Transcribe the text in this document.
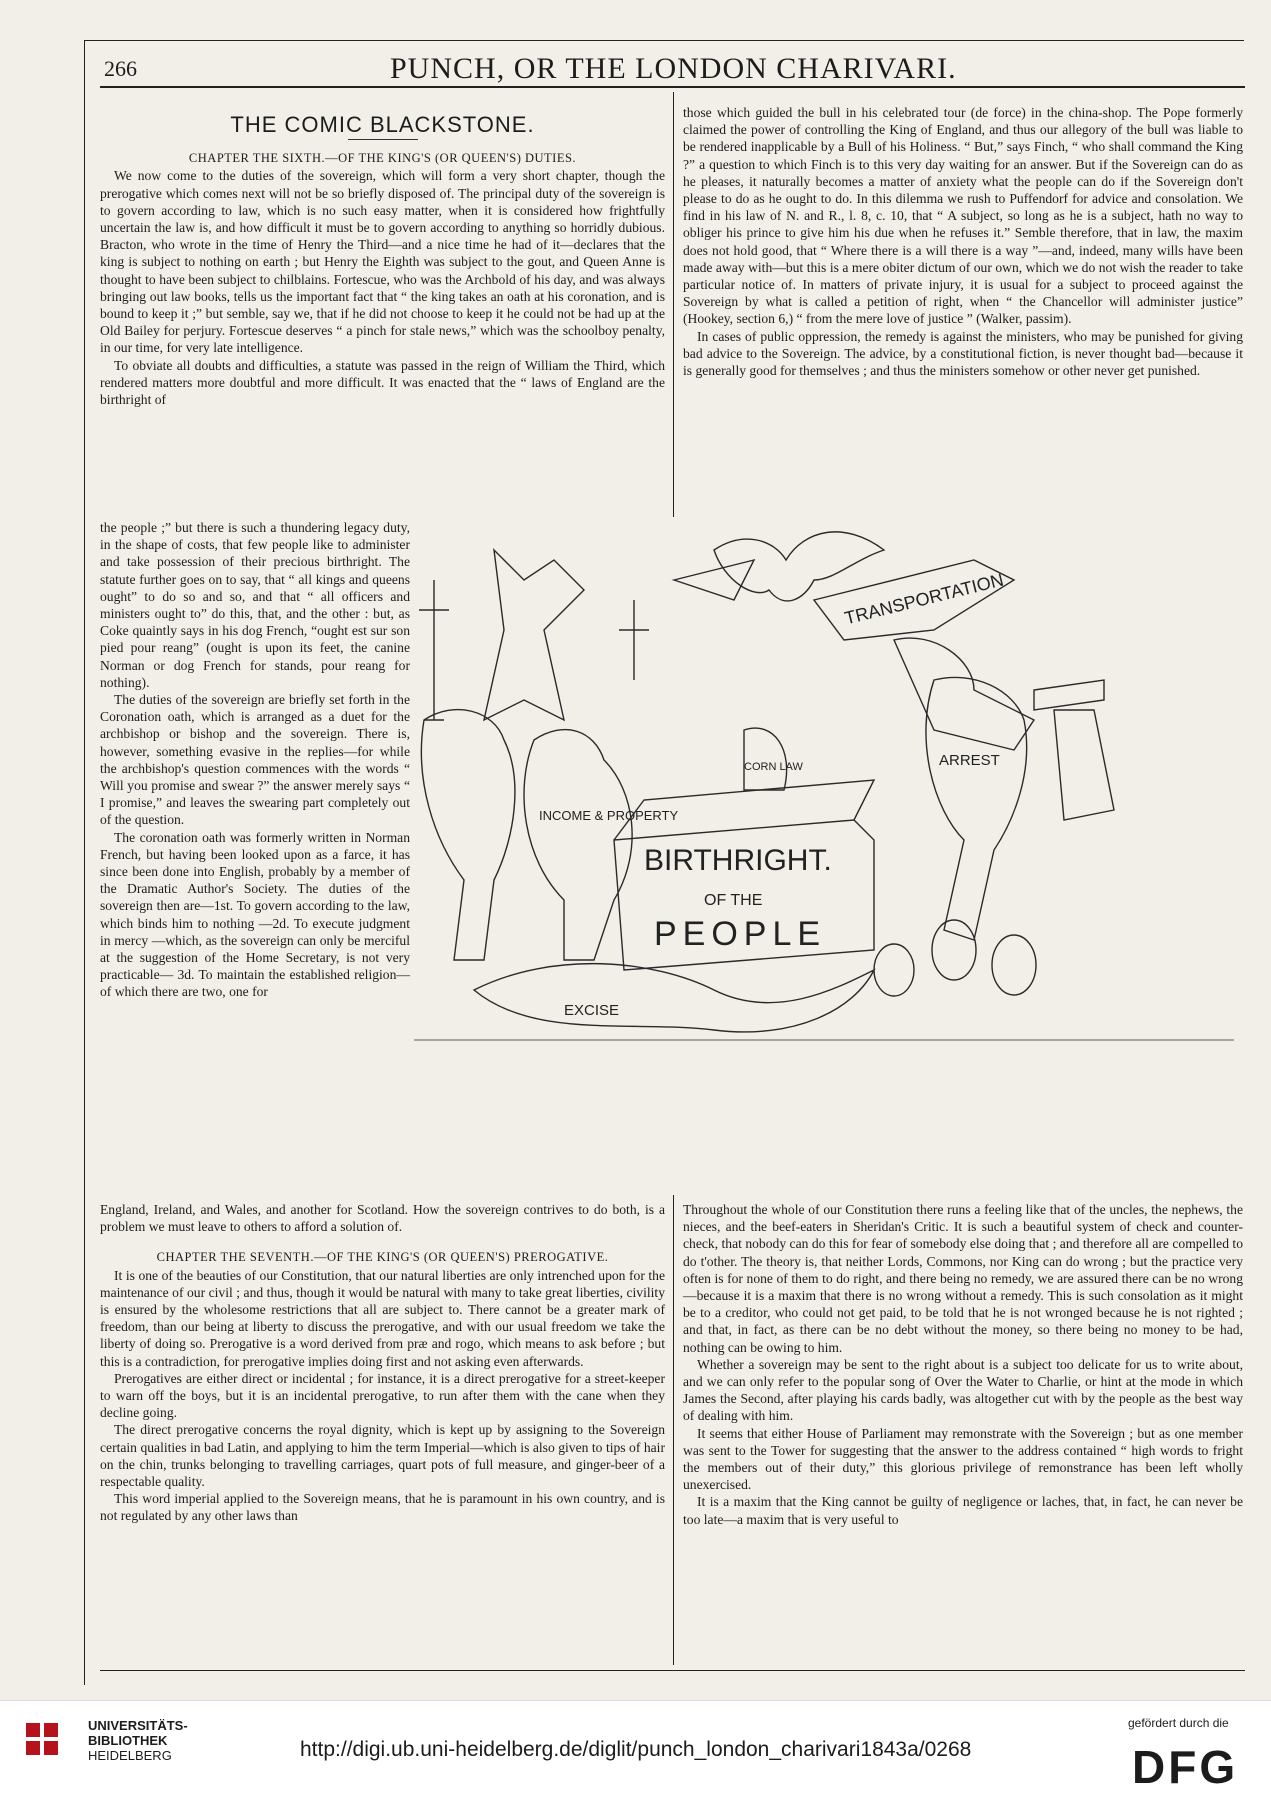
266	PUNCH, OR THE LONDON CHARIVARI.
THE COMIC BLACKSTONE.

CHAPTER THE SIXTH.—OF THE KING'S (OR QUEEN'S) DUTIES.

We now come to the duties of the sovereign, which will form a very short chapter, though the prerogative which comes next will not be so briefly disposed of. The principal duty of the sovereign is to govern according to law, which is no such easy matter, when it is considered how frightfully uncertain the law is, and how difficult it must be to govern according to anything so horridly dubious. Bracton, who wrote in the time of Henry the Third—and a nice time he had of it—declares that the king is subject to nothing on earth ; but Henry the Eighth was subject to the gout, and Queen Anne is thought to have been subject to chilblains. Fortescue, who was the Archbold of his day, and was always bringing out law books, tells us the important fact that “ the king takes an oath at his coronation, and is bound to keep it ;” but semble, say we, that if he did not choose to keep it he could not be had up at the Old Bailey for perjury. Fortescue deserves “ a pinch for stale news,” which was the schoolboy penalty, in our time, for very late intelligence.

To obviate all doubts and difficulties, a statute was passed in the reign of William the Third, which rendered matters more doubtful and more difficult. It was enacted that the “ laws of England are the birthright of

the people ;” but there is such a thundering legacy duty, in the shape of costs, that few people like to administer and take possession of their precious birthright. The statute further goes on to say, that “ all kings and queens ought” to do so and so, and that “ all officers and ministers ought to” do this, that, and the other : but, as Coke quaintly says in his dog French, “ought est sur son pied pour reang” (ought is upon its feet, the canine Norman or dog French for stands, pour reang for nothing).

The duties of the sovereign are briefly set forth in the Coronation oath, which is arranged as a duet for the archbishop or bishop and the sovereign. There is, however, something evasive in the replies—for while the archbishop's question commences with the words “ Will you promise and swear ?” the answer merely says “ I promise,” and leaves the swearing part completely out of the question.

The coronation oath was formerly written in Norman French, but having been looked upon as a farce, it has since been done into English, probably by a member of the Dramatic Author's Society. The duties of the sovereign then are—1st. To govern according to the law, which binds him to nothing —2d. To execute judgment in mercy —which, as the sovereign can only be merciful at the suggestion of the Home Secretary, is not very practicable— 3d. To maintain the established religion—of which there are two, one for

England, Ireland, and Wales, and another for Scotland. How the sovereign contrives to do both, is a problem we must leave to others to afford a solution of.

CHAPTER THE SEVENTH.—OF THE KING'S (OR QUEEN'S) PREROGATIVE.

It is one of the beauties of our Constitution, that our natural liberties are only intrenched upon for the maintenance of our civil ; and thus, though it would be natural with many to take great liberties, civility is ensured by the wholesome restrictions that all are subject to. There cannot be a greater mark of freedom, than our being at liberty to discuss the prerogative, and with our usual freedom we take the liberty of doing so. Prerogative is a word derived from præ and rogo, which means to ask before ; but this is a contradiction, for prerogative implies doing first and not asking even afterwards.

Prerogatives are either direct or incidental ; for instance, it is a direct prerogative for a street-keeper to warn off the boys, but it is an incidental prerogative, to run after them with the cane when they decline going.

The direct prerogative concerns the royal dignity, which is kept up by assigning to the Sovereign certain qualities in bad Latin, and applying to him the term Imperial—which is also given to tips of hair on the chin, trunks belonging to travelling carriages, quart pots of full measure, and ginger-beer of a respectable quality.

This word imperial applied to the Sovereign means, that he is paramount in his own country, and is not regulated by any other laws than

those which guided the bull in his celebrated tour (de force) in the china-shop. The Pope formerly claimed the power of controlling the King of England, and thus our allegory of the bull was liable to be rendered inapplicable by a Bull of his Holiness. “ But,” says Finch, “ who shall command the King ?” a question to which Finch is to this very day waiting for an answer. But if the Sovereign can do as he pleases, it naturally becomes a matter of anxiety what the people can do if the Sovereign don't please to do as he ought to do. In this dilemma we rush to Puffendorf for advice and consolation. We find in his law of N. and R., l. 8, c. 10, that “ A subject, so long as he is a subject, hath no way to obliger his prince to give him his due when he refuses it.” Semble therefore, that in law, the maxim does not hold good, that “ Where there is a will there is a way ”—and, indeed, many wills have been made away with—but this is a mere obiter dictum of our own, which we do not wish the reader to take particular notice of. In matters of private injury, it is usual for a subject to proceed against the Sovereign by what is called a petition of right, when “ the Chancellor will administer justice” (Hookey, section 6,) “ from the mere love of justice ” (Walker, passim).

In cases of public oppression, the remedy is against the ministers, who may be punished for giving bad advice to the Sovereign. The advice, by a constitutional fiction, is never thought bad—because it is generally good for themselves ; and thus the ministers somehow or other never get punished.

Throughout the whole of our Constitution there runs a feeling like that of the uncles, the nephews, the nieces, and the beef-eaters in Sheridan's Critic. It is such a beautiful system of check and counter-check, that nobody can do this for fear of somebody else doing that ; and therefore all are compelled to do t'other. The theory is, that neither Lords, Commons, nor King can do wrong ; but the practice very often is for none of them to do right, and there being no remedy, we are assured there can be no wrong—because it is a maxim that there is no wrong without a remedy. This is such consolation as it might be to a creditor, who could not get paid, to be told that he is not wronged because he is not righted ; and that, in fact, as there can be no debt without the money, so there being no money to be had, nothing can be owing to him.

Whether a sovereign may be sent to the right about is a subject too delicate for us to write about, and we can only refer to the popular song of Over the Water to Charlie, or hint at the mode in which James the Second, after playing his cards badly, was altogether cut with by the people as the best way of dealing with him.

It seems that either House of Parliament may remonstrate with the Sovereign ; but as one member was sent to the Tower for suggesting that the answer to the address contained “ high words to fright the members out of their duty,” this glorious privilege of remonstrance has been left wholly unexercised.

It is a maxim that the King cannot be guilty of negligence or laches, that, in fact, he can never be too late—a maxim that is very useful to

TRANSPORTATION
INCOME & PROPERTY
CORN LAW	ARREST
BIRTHRIGHT.
OF THE
PEOPLE
EXCISE
UNIVERSITÄTS-
BIBLIOTHEK
HEIDELBERG	http://digi.ub.uni-heidelberg.de/diglit/punch_london_charivari1843a/0268
gefördert durch die
DFG
